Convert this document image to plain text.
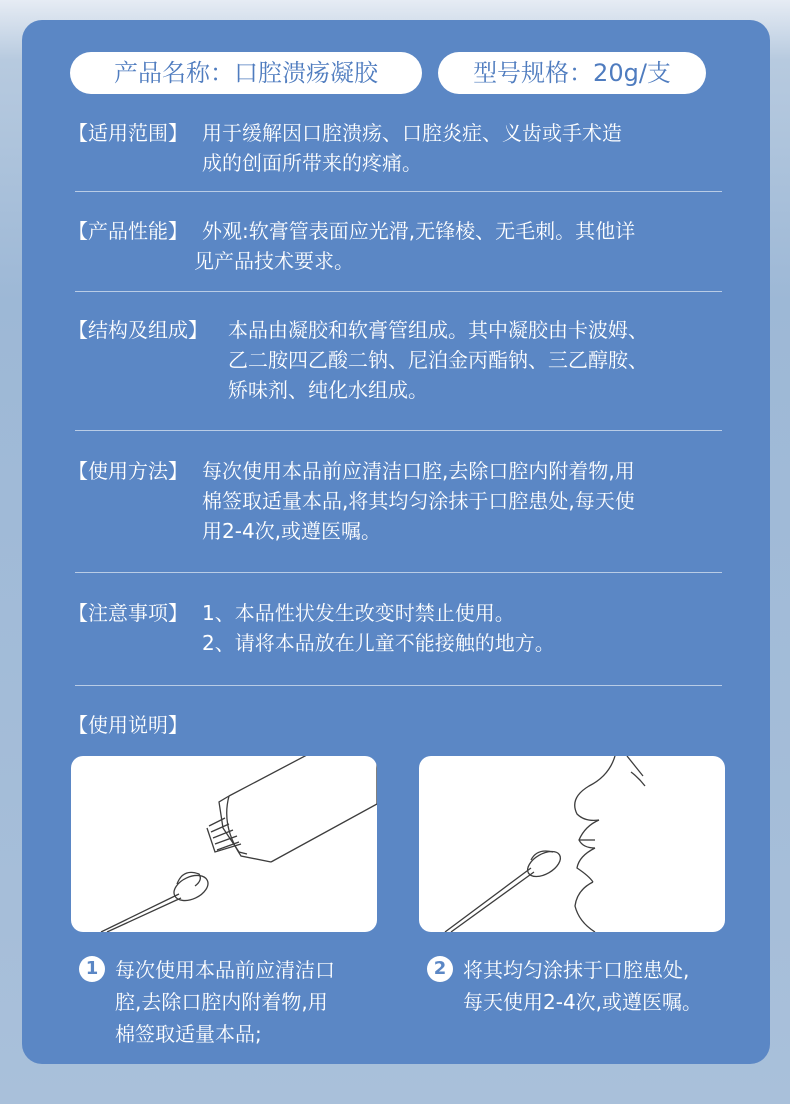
产品名称：口腔溃疡凝胶	型号规格：20g/支
【适用范围】 用于缓解因口腔溃疡、口腔炎症、义齿或手术造
成的创面所带来的疼痛。
【产品性能】 外观:软膏管表面应光滑,无锋棱、无毛刺。其他详
见产品技术要求。
【结构及组成】 本品由凝胶和软膏管组成。其中凝胶由卡波姆、
乙二胺四乙酸二钠、尼泊金丙酯钠、三乙醇胺、
矫味剂、纯化水组成。
【使用方法】 每次使用本品前应清洁口腔,去除口腔内附着物,用
棉签取适量本品,将其均匀涂抹于口腔患处,每天使
用2-4次,或遵医嘱。
【注意事项】 1、本品性状发生改变时禁止使用。
2、请将本品放在儿童不能接触的地方。
【使用说明】
1 每次使用本品前应清洁口
腔,去除口腔内附着物,用
棉签取适量本品;
2 将其均匀涂抹于口腔患处,
每天使用2-4次,或遵医嘱。
